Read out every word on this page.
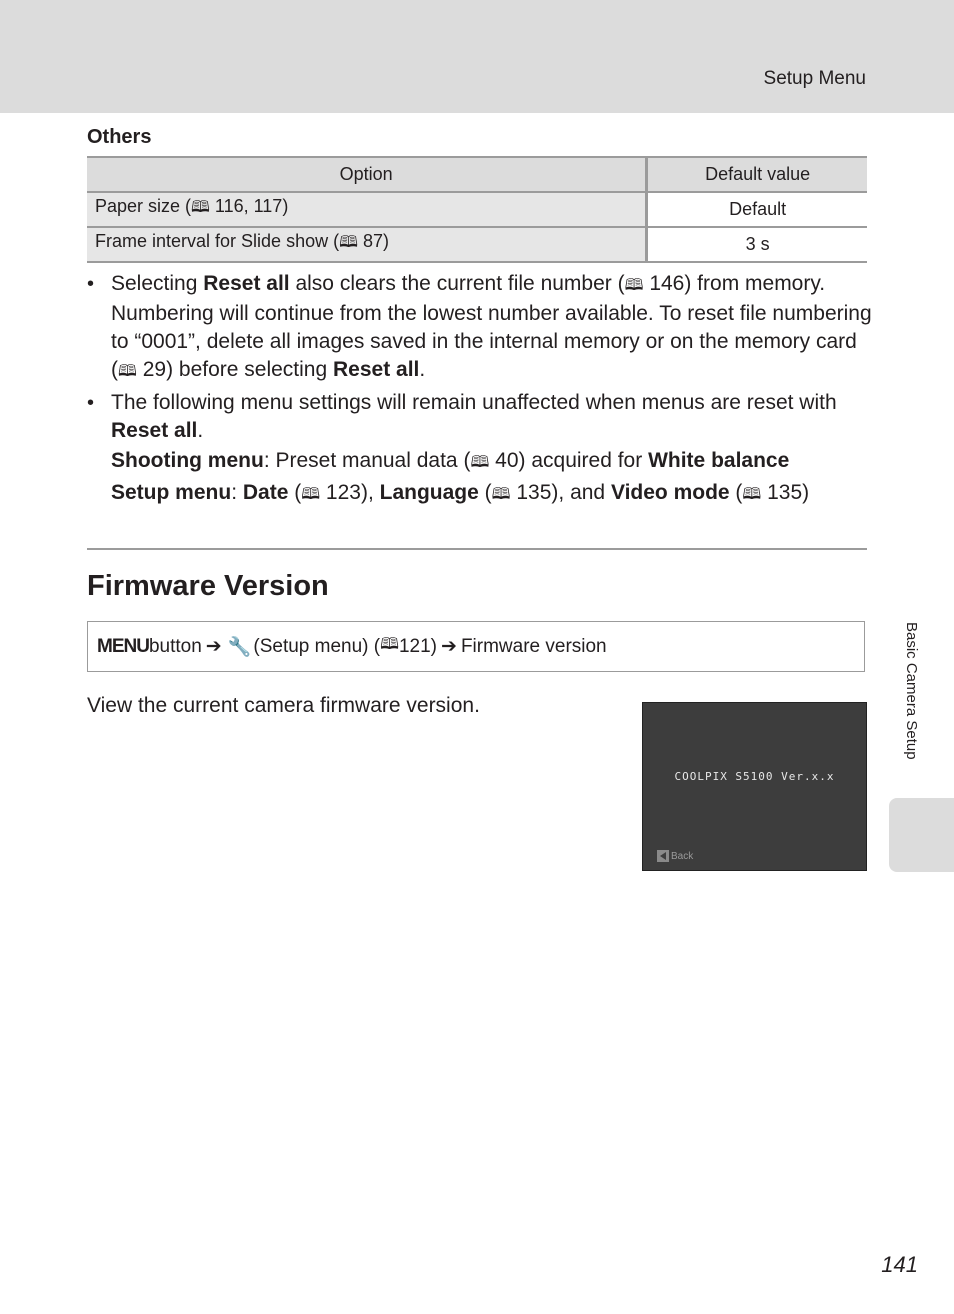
Setup Menu
Others
Option	Default value
Paper size (🕮 116, 117)	Default
Frame interval for Slide show (🕮 87)	3 s
• Selecting Reset all also clears the current file number (🕮 146) from memory. Numbering will continue from the lowest number available. To reset file numbering to “0001”, delete all images saved in the internal memory or on the memory card (🕮 29) before selecting Reset all.

• The following menu settings will remain unaffected when menus are reset with Reset all.

Shooting menu: Preset manual data (🕮 40) acquired for White balance

Setup menu: Date (🕮 123), Language (🕮 135), and Video mode (🕮 135)

Firmware Version
MENU button ➔ 🔧 (Setup menu) ( 🕮 121) ➔ Firmware version
View the current camera firmware version.
COOLPIX S5100 Ver.x.x
Back
Basic Camera Setup
141
